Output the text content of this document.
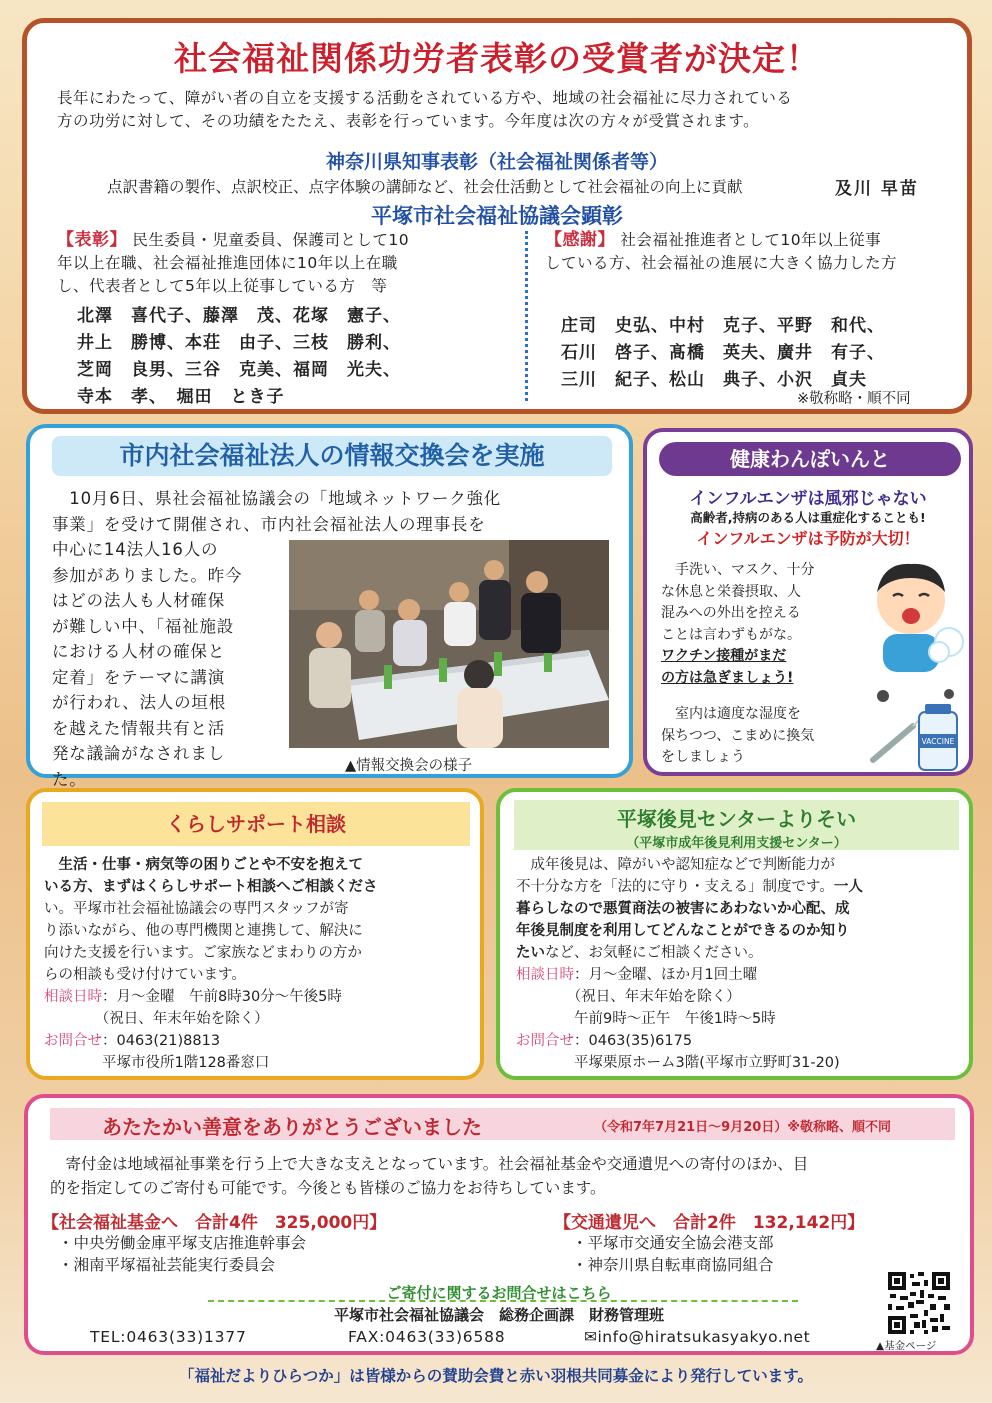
社会福祉関係功労者表彰の受賞者が決定！

長年にわたって、障がい者の自立を支援する活動をされている方や、地域の社会福祉に尽力されている
方の功労に対して、その功績をたたえ、表彰を行っています。今年度は次の方々が受賞されます。

神奈川県知事表彰（社会福祉関係者等）

点訳書籍の製作、点訳校正、点字体験の講師など、社会仕活動として社会福祉の向上に貢献	及川 早苗

平塚市社会福祉協議会顕彰

【表彰】 民生委員・児童委員、保護司として10
年以上在職、社会福祉推進団体に10年以上在職
し、代表者として5年以上従事している方　等
北澤　喜代子、藤澤　茂、花塚　憲子、
井上　勝博、本荘　由子、三枝　勝利、
芝岡　良男、三谷　克美、福岡　光夫、
寺本　孝、　堀田　とき子
【感謝】 社会福祉推進者として10年以上従事
している方、社会福祉の進展に大きく協力した方
庄司　史弘、中村　克子、平野　和代、
石川　啓子、髙橋　英夫、廣井　有子、
三川　紀子、松山　典子、小沢　貞夫

※敬称略・順不同

市内社会福祉法人の情報交換会を実施
　10月6日、県社会福祉協議会の「地域ネットワーク強化
事業」を受けて開催され、市内社会福祉法人の理事長を
中心に14法人16人の
参加がありました。昨今
はどの法人も人材確保
が難しい中、「福祉施設
における人材の確保と
定着」をテーマに講演
が行われ、法人の垣根
を越えた情報共有と活
発な議論がなされまし
た。

▲情報交換会の様子

健康わんぽいんと

インフルエンザは風邪じゃない

高齢者,持病のある人は重症化することも!

インフルエンザは予防が大切！

　手洗い、マスク、十分
な休息と栄養摂取、人
混みへの外出を控える
ことは言わずもがな。
ワクチン接種がまだ
の方は急ぎましょう!
　室内は適度な湿度を
保ちつつ、こまめに換気
をしましょう
VACCINE
くらしサポート相談
　生活・仕事・病気等の困りごとや不安を抱えて
いる方、まずはくらしサポート相談へご相談くださ
い。平塚市社会福祉協議会の専門スタッフが寄
り添いながら、他の専門機関と連携して、解決に
向けた支援を行います。ご家族などまわりの方か
らの相談も受け付けています。
相談日時：月～金曜　午前8時30分～午後5時
　　　　（祝日、年末年始を除く）
お問合せ：0463(21)8813
　　　　平塚市役所1階128番窓口
平塚後見センターよりそい
（平塚市成年後見利用支援センター）
　成年後見は、障がいや認知症などで判断能力が
不十分な方を「法的に守り・支える」制度です。一人
暮らしなので悪質商法の被害にあわないか心配、成
年後見制度を利用してどんなことができるのか知り
たいなど、お気軽にご相談ください。
相談日時：月～金曜、ほか月1回土曜
　　　　（祝日、年末年始を除く）
　　　　午前9時～正午　午後1時～5時
お問合せ：0463(35)6175
　　　　平塚栗原ホーム3階(平塚市立野町31-20)
あたたかい善意をありがとうございました	（令和7年7月21日～9月20日）※敬称略、順不同
　寄付金は地域福祉事業を行う上で大きな支えとなっています。社会福祉基金や交通遺児への寄付のほか、目
的を指定してのご寄付も可能です。今後とも皆様のご協力をお待ちしています。

【社会福祉基金へ　合計4件　325,000円】

・中央労働金庫平塚支店推進幹事会
・湘南平塚福祉芸能実行委員会

【交通遺児へ　合計2件　132,142円】

・平塚市交通安全協会港支部
・神奈川県自転車商協同組合

ご寄付に関するお問合せはこちら

平塚市社会福祉協議会　総務企画課　財務管理班

TEL:0463(33)1377	FAX:0463(33)6588	✉info@hiratsukasyakyo.net	▲基金ページ

「福祉だよりひらつか」は皆様からの賛助会費と赤い羽根共同募金により発行しています。
